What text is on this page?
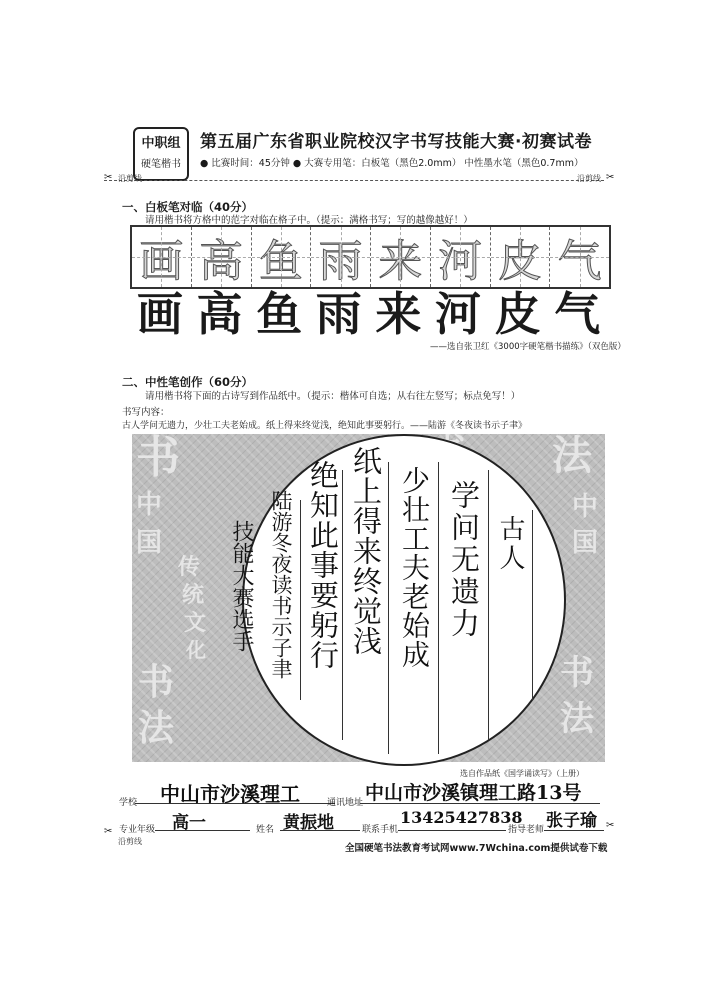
中职组
硬笔楷书
第五届广东省职业院校汉字书写技能大赛·初赛试卷
● 比赛时间：45分钟 ● 大赛专用笔：白板笔（黑色2.0mm） 中性墨水笔（黑色0.7mm）
✂ 沿剪线	沿剪线 ✂
一、白板笔对临（40分）
请用楷书将方格中的范字对临在格子中。（提示：满格书写；写的越像越好！）
画 高 鱼 雨 来 河 皮 气
画 高 鱼 雨 来 河 皮 气
——选自张卫红《3000字硬笔楷书描练》（双色版）
二、中性笔创作（60分）
请用楷书将下面的古诗写到作品纸中。（提示：楷体可自选；从右往左竖写；标点免写！）
书写内容：
古人学问无遗力，少壮工夫老始成。纸上得来终觉浅，绝知此事要躬行。——陆游《冬夜读书示子聿》
书
中
国
传
统
文
化
书
法
法
中
国
书
法
古人
学问无遗力
少壮工夫老始成
纸上得来终觉浅
绝知此事要躬行
陆游冬夜读书示子聿
技能大赛选手
选自作品纸《国学诵读写》（上册）
学校 中山市沙溪理工	通讯地址 中山市沙溪镇理工路13号
专业年级 高一	姓名 黄振地	联系手机
13425427838
指导老师 张子瑜
✂
沿剪线
✂
全国硬笔书法教育考试网www.7Wchina.com提供试卷下载
